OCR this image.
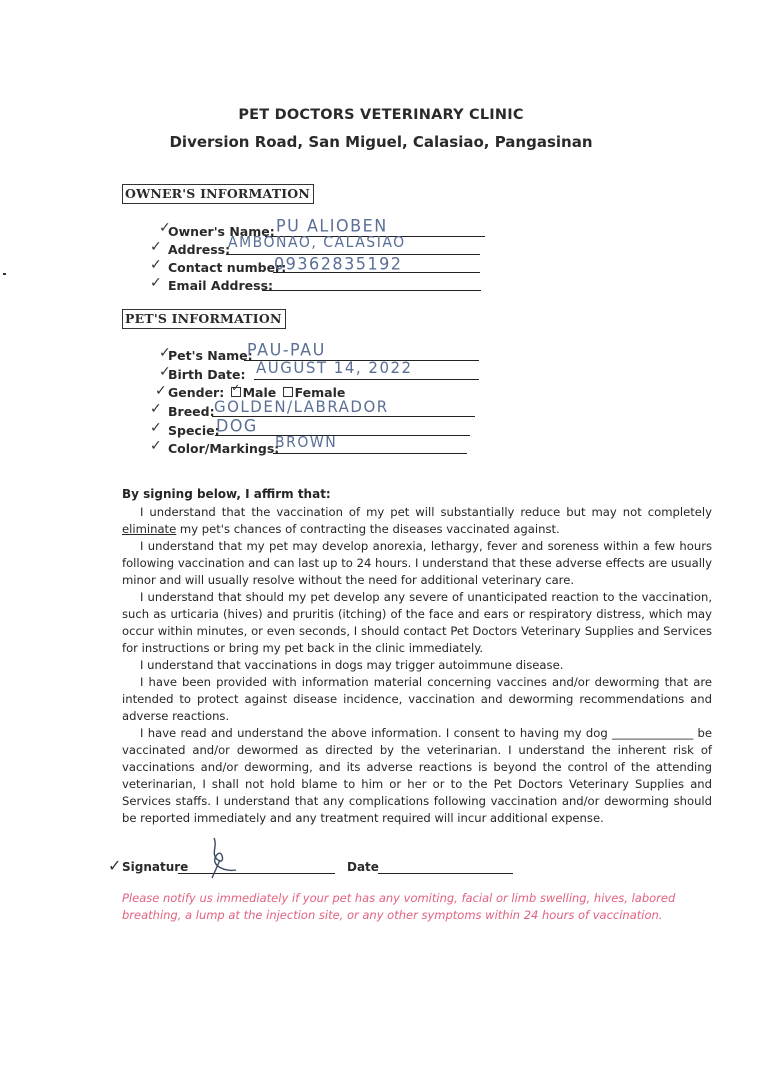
PET DOCTORS VETERINARY CLINIC
Diversion Road, San Miguel, Calasiao, Pangasinan
OWNER'S INFORMATION
✓
Owner's Name: PU ALIOBEN
✓ Address:
AMBONAO, CALASIAO
✓ Contact number:
09362835192
✓ Email Address:
PET'S INFORMATION
✓
Pet's Name:
PAU-PAU
✓
Birth Date: AUGUST 14, 2022
✓ Gender: ✓ Male Female
✓ Breed: GOLDEN/LABRADOR
✓ Specie:
DOG
✓ Color/Markings:
BROWN
By signing below, I affirm that:

I understand that the vaccination of my pet will substantially reduce but may not completely eliminate my pet's chances of contracting the diseases vaccinated against.

I understand that my pet may develop anorexia, lethargy, fever and soreness within a few hours following vaccination and can last up to 24 hours. I understand that these adverse effects are usually minor and will usually resolve without the need for additional veterinary care.

I understand that should my pet develop any severe of unanticipated reaction to the vaccination, such as urticaria (hives) and pruritis (itching) of the face and ears or respiratory distress, which may occur within minutes, or even seconds, I should contact Pet Doctors Veterinary Supplies and Services for instructions or bring my pet back in the clinic immediately.

I understand that vaccinations in dogs may trigger autoimmune disease.

I have been provided with information material concerning vaccines and/or deworming that are intended to protect against disease incidence, vaccination and deworming recommendations and adverse reactions.

I have read and understand the above information. I consent to having my dog ______________ be vaccinated and/or dewormed as directed by the veterinarian. I understand the inherent risk of vaccinations and/or deworming, and its adverse reactions is beyond the control of the attending veterinarian, I shall not hold blame to him or her or to the Pet Doctors Veterinary Supplies and Services staffs. I understand that any complications following vaccination and/or deworming should be reported immediately and any treatment required will incur additional expense.

✓ Signature	Date
Please notify us immediately if your pet has any vomiting, facial or limb swelling, hives, labored breathing, a lump at the injection site, or any other symptoms within 24 hours of vaccination.
